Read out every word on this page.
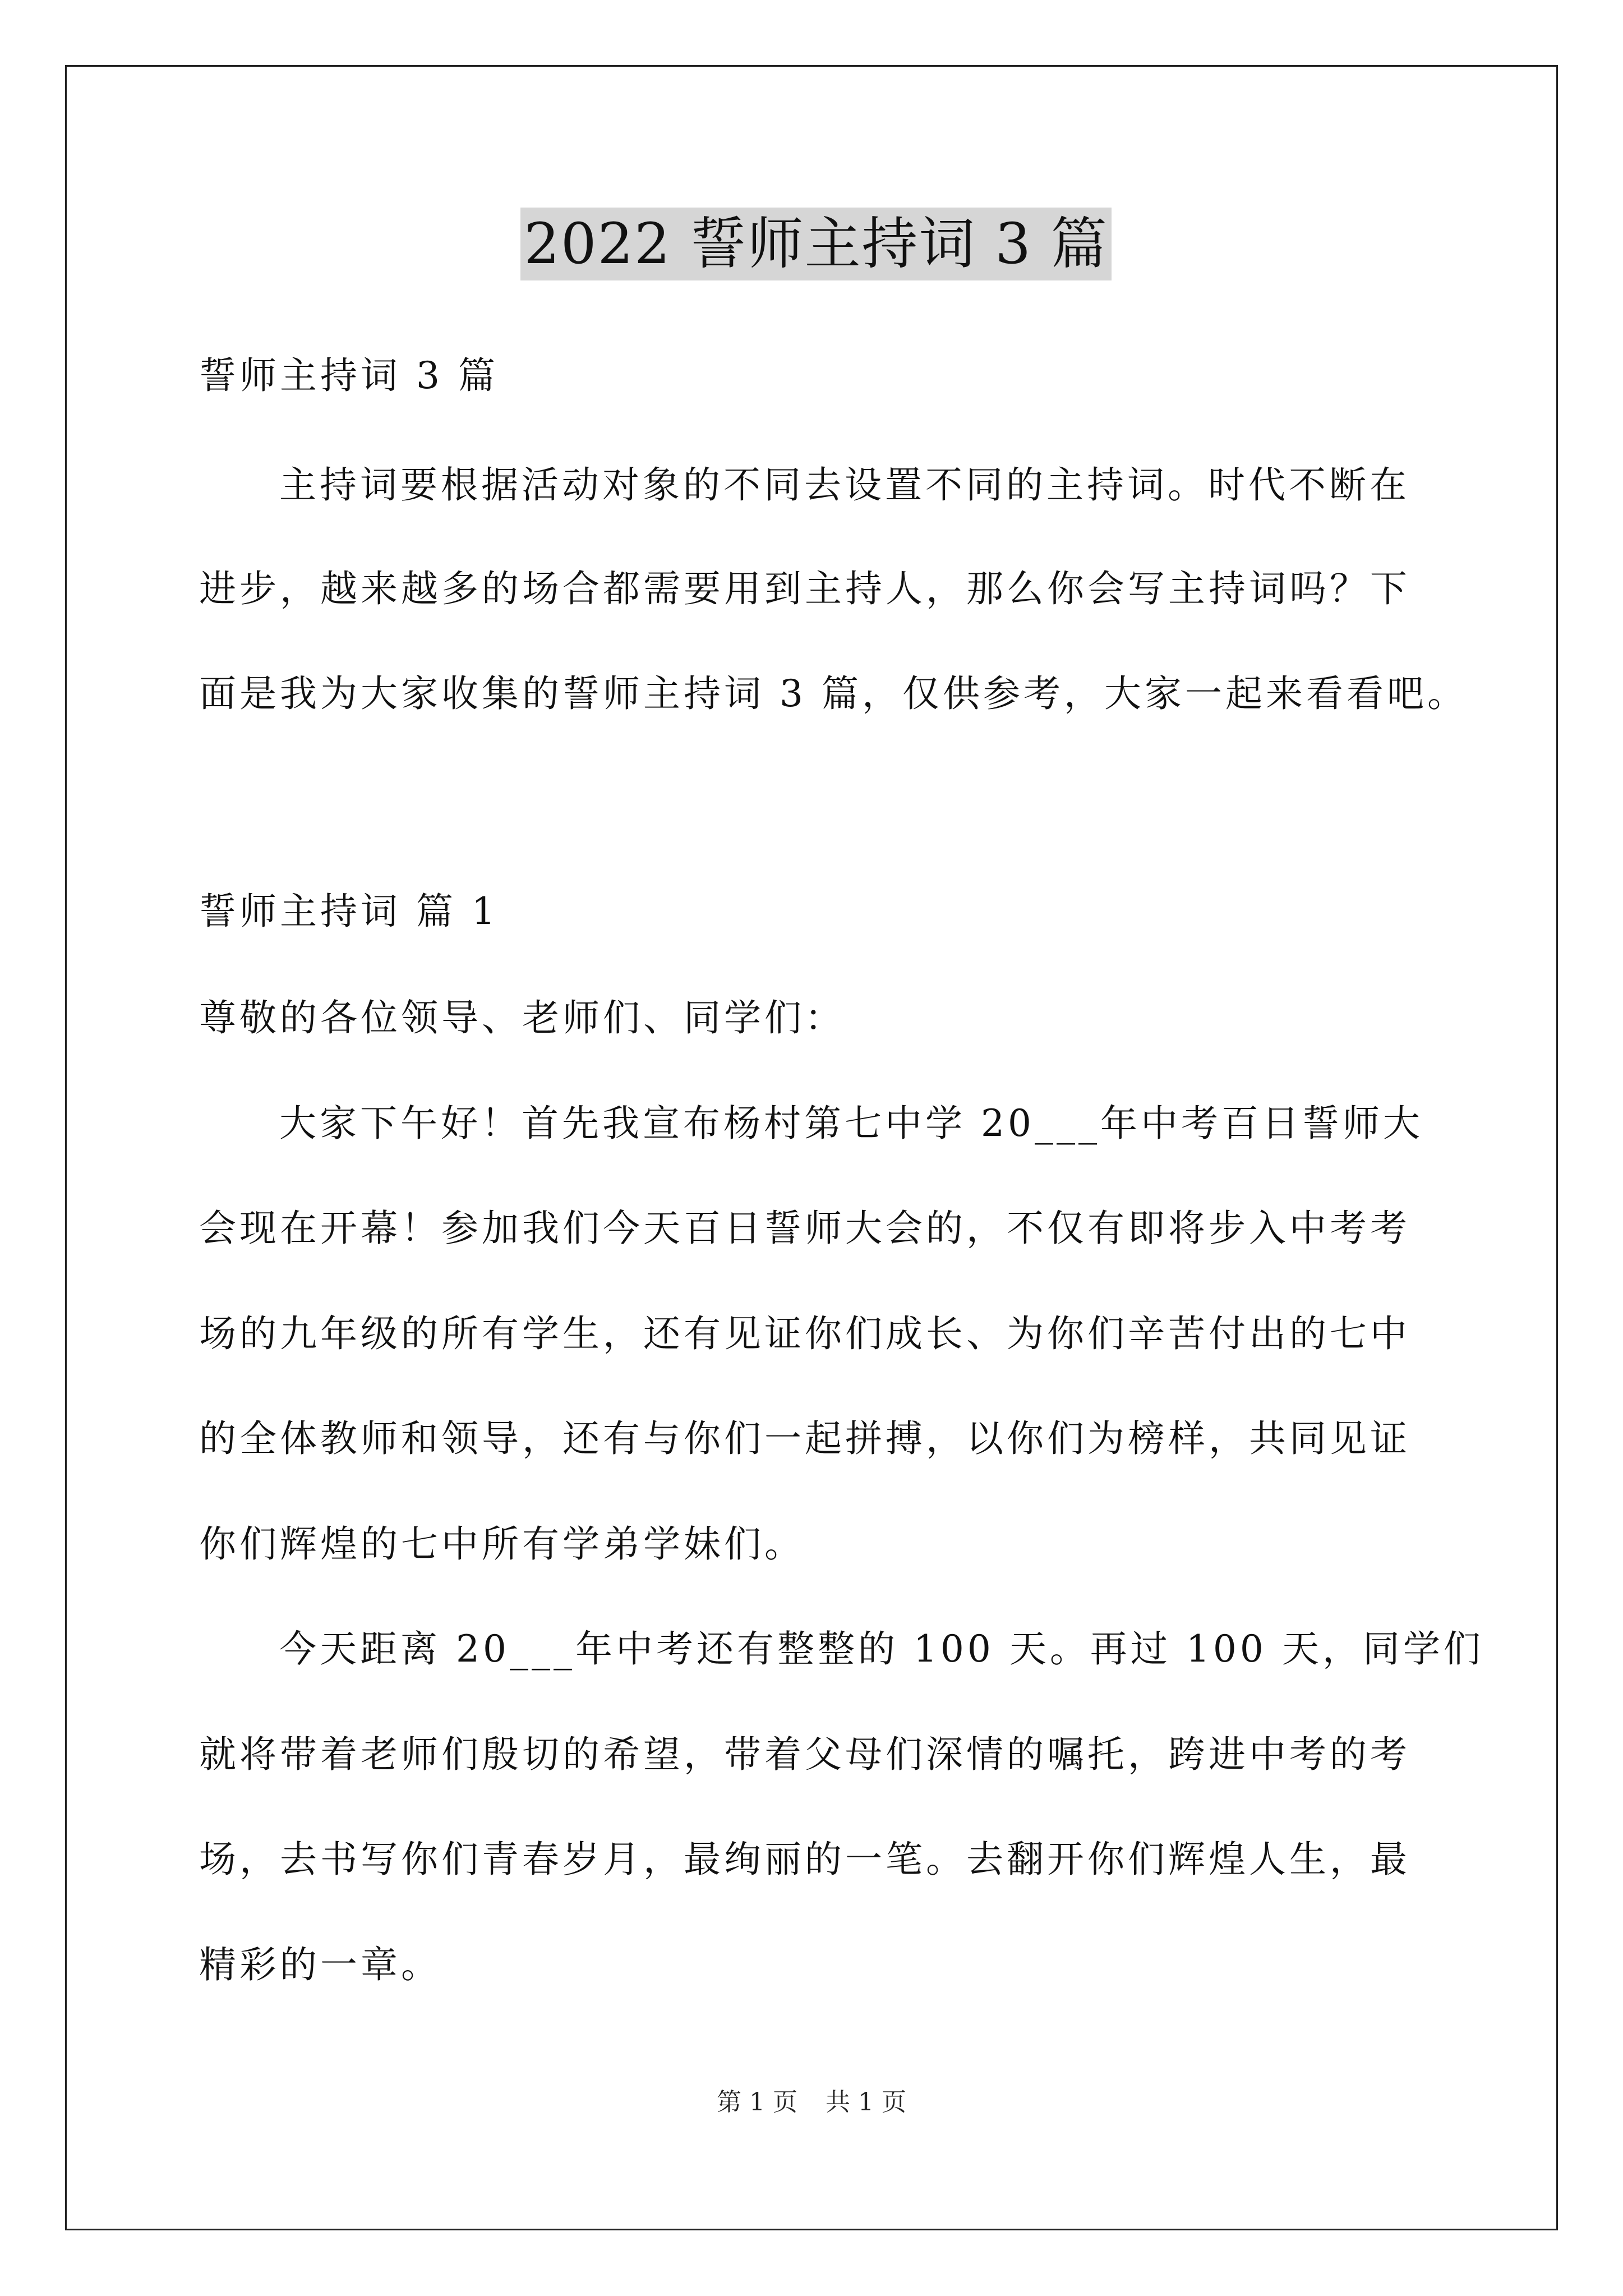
2022 誓师主持词 3 篇
誓师主持词 3 篇
主持词要根据活动对象的不同去设置不同的主持词。时代不断在
进步，越来越多的场合都需要用到主持人，那么你会写主持词吗？下
面是我为大家收集的誓师主持词 3 篇，仅供参考，大家一起来看看吧。
誓师主持词 篇 1
尊敬的各位领导、老师们、同学们：
大家下午好！首先我宣布杨村第七中学 20___年中考百日誓师大
会现在开幕！参加我们今天百日誓师大会的，不仅有即将步入中考考
场的九年级的所有学生，还有见证你们成长、为你们辛苦付出的七中
的全体教师和领导，还有与你们一起拼搏，以你们为榜样，共同见证
你们辉煌的七中所有学弟学妹们。
今天距离 20___年中考还有整整的 100 天。再过 100 天，同学们
就将带着老师们殷切的希望，带着父母们深情的嘱托，跨进中考的考
场，去书写你们青春岁月，最绚丽的一笔。去翻开你们辉煌人生，最
精彩的一章。
第 1 页 共 1 页
